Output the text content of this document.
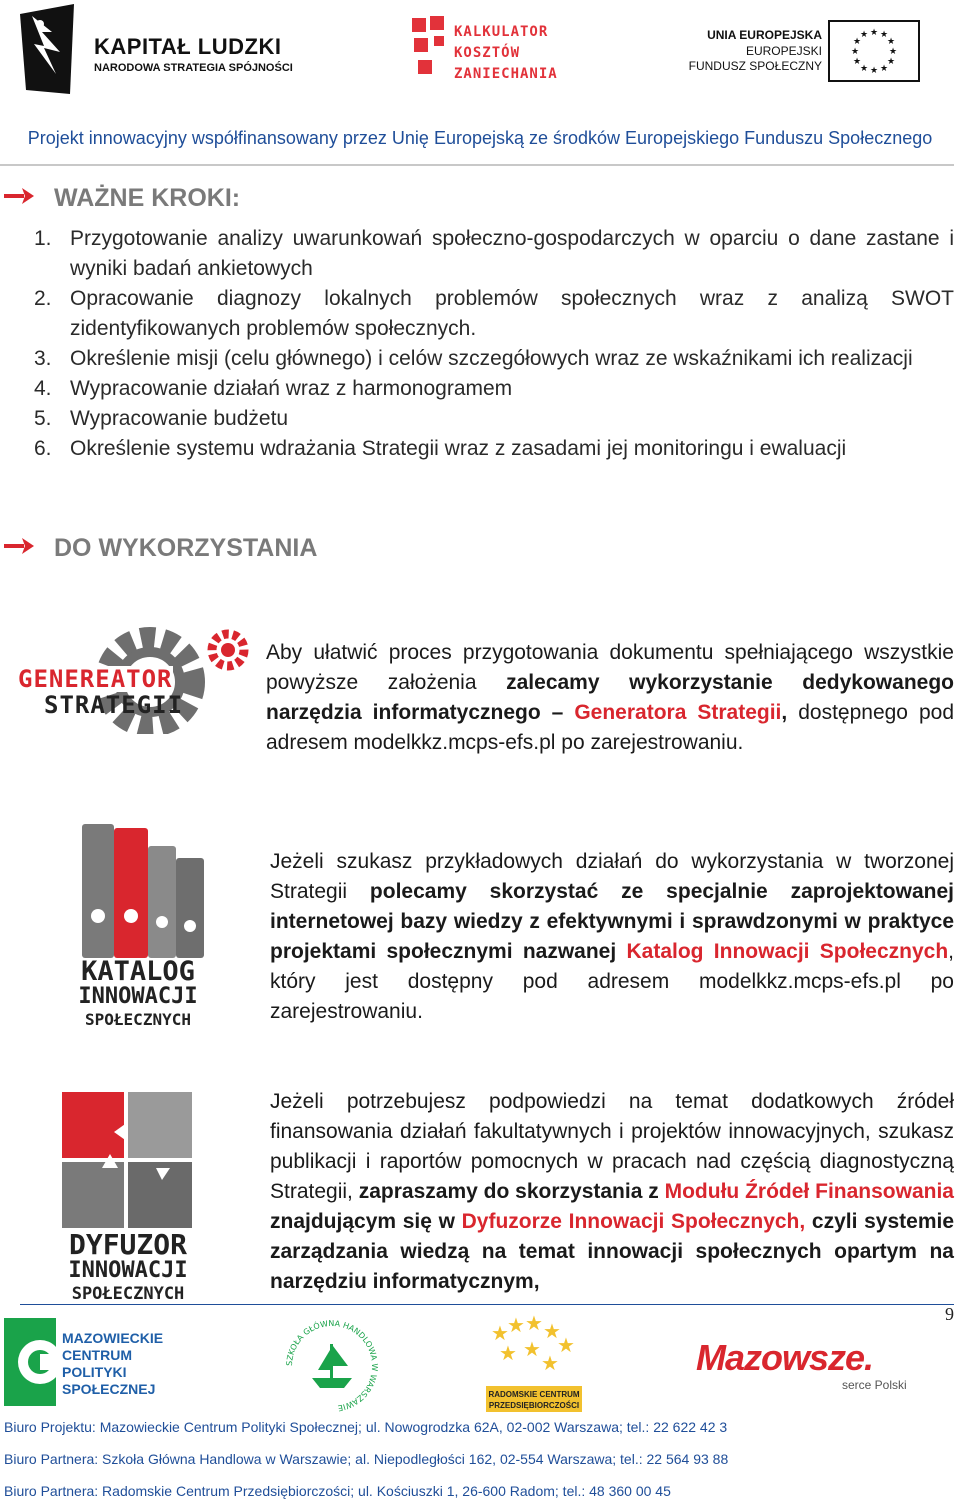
KAPITAŁ LUDZKI
NARODOWA STRATEGIA SPÓJNOŚCI
KALKULATOR
KOSZTÓW
ZANIECHANIA
UNIA EUROPEJSKA
EUROPEJSKI
FUNDUSZ SPOŁECZNY
★ ★
★
★
★
★
★
★
★
★
★
★
Projekt innowacyjny współfinansowany przez Unię Europejską ze środków Europejskiego Funduszu Społecznego
WAŻNE KROKI:
1. Przygotowanie analizy uwarunkowań społeczno-gospodarczych w oparciu o dane zastane i wyniki badań ankietowych
2. Opracowanie diagnozy lokalnych problemów społecznych wraz z analizą SWOT zidentyfikowanych problemów społecznych.
3. Określenie misji (celu głównego) i celów szczegółowych wraz ze wskaźnikami ich realizacji
4. Wypracowanie działań wraz z harmonogramem
5. Wypracowanie budżetu
6. Określenie systemu wdrażania Strategii wraz z zasadami jej monitoringu i ewaluacji
DO WYKORZYSTANIA
GENEREATOR
STRATEGII
Aby ułatwić proces przygotowania dokumentu spełniającego wszystkie powyższe założenia zalecamy wykorzystanie dedykowanego narzędzia informatycznego – Generatora Strategii, dostępnego pod adresem modelkkz.mcps-efs.pl po zarejestrowaniu.
KATALOG
INNOWACJI
SPOŁECZNYCH
Jeżeli szukasz przykładowych działań do wykorzystania w tworzonej Strategii polecamy skorzystać ze specjalnie zaprojektowanej internetowej bazy wiedzy z efektywnymi i sprawdzonymi w praktyce projektami społecznymi nazwanej Katalog Innowacji Społecznych, który jest dostępny pod adresem modelkkz.mcps-efs.pl po zarejestrowaniu.
DYFUZOR
INNOWACJI
SPOŁECZNYCH
Jeżeli potrzebujesz podpowiedzi na temat dodatkowych źródeł finansowania działań fakultatywnych i projektów innowacyjnych, szukasz publikacji i raportów pomocnych w pracach nad częścią diagnostyczną Strategii, zapraszamy do skorzystania z Modułu Źródeł Finansowania znajdującym się w Dyfuzorze Innowacji Społecznych, czyli systemie zarządzania wiedzą na temat innowacji społecznych opartym na narzędziu informatycznym,
9
MAZOWIECKIE
CENTRUM
POLITYKI
SPOŁECZNEJ
SZKOŁA GŁÓWNA HANDLOWA W WARSZAWIE
★
★ ★ ★
★
★ ★
★
RADOMSKIE CENTRUM PRZEDSIĘBIORCZOŚCI
Mazowsze.
serce Polski
Biuro Projektu: Mazowieckie Centrum Polityki Społecznej; ul. Nowogrodzka 62A, 02-002 Warszawa; tel.: 22 622 42 3
Biuro Partnera: Szkoła Główna Handlowa w Warszawie; al. Niepodległości 162, 02-554 Warszawa; tel.: 22 564 93 88
Biuro Partnera: Radomskie Centrum Przedsiębiorczości; ul. Kościuszki 1, 26-600 Radom; tel.: 48 360 00 45
